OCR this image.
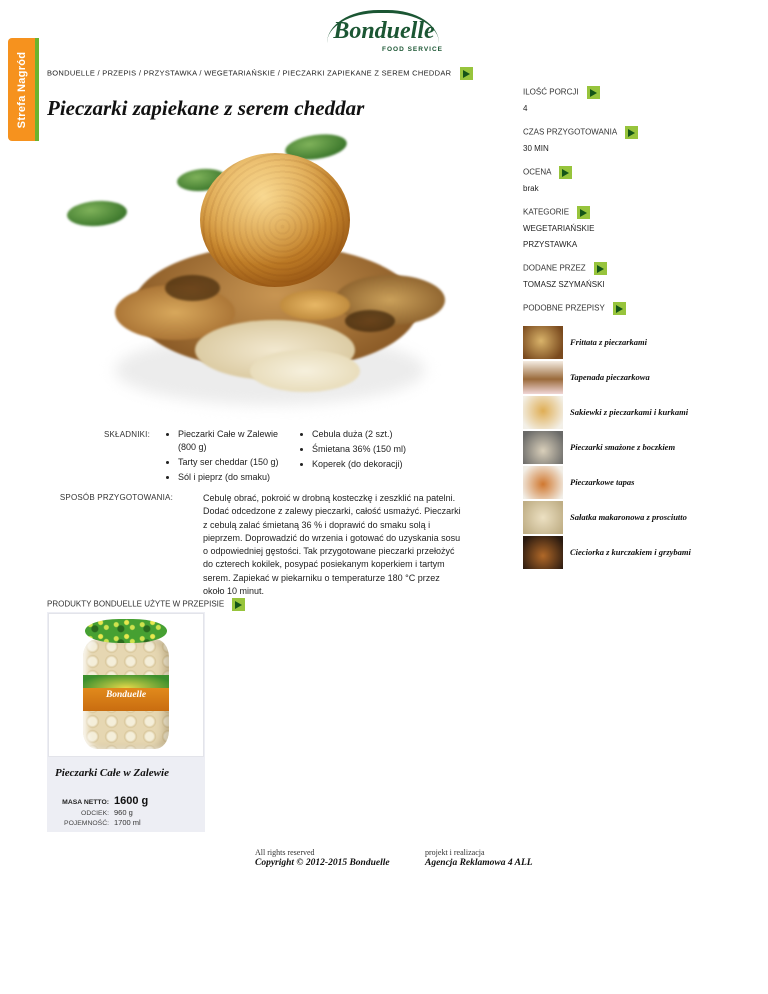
Strefa Nagród
Bonduelle
FOOD SERVICE
BONDUELLE / PRZEPIS / PRZYSTAWKA / WEGETARIAŃSKIE / PIECZARKI ZAPIEKANE Z SEREM CHEDDAR
Pieczarki zapiekane z serem cheddar
SKŁADNIKI:	• Pieczarki Całe w Zalewie (800 g)
• Tarty ser cheddar (150 g)
• Sól i pieprz (do smaku)
• Cebula duża (2 szt.)
• Śmietana 36% (150 ml)
• Koperek (do dekoracji)
SPOSÓB PRZYGOTOWANIA:	Cebulę obrać, pokroić w drobną kosteczkę i zeszklić na patelni. Dodać odcedzone z zalewy pieczarki, całość usmażyć. Pieczarki z cebulą zalać śmietaną 36 % i doprawić do smaku solą i pieprzem. Doprowadzić do wrzenia i gotować do uzyskania sosu o odpowiedniej gęstości. Tak przygotowane pieczarki przełożyć do czterech kokilek, posypać posiekanym koperkiem i tartym serem. Zapiekać w piekarniku o temperaturze 180 °C przez około 10 minut.
PRODUKTY BONDUELLE UŻYTE W PRZEPISIE
Bonduelle
Pieczarki Całe w Zalewie
MASA NETTO: 1600 g
ODCIEK: 960 g
POJEMNOŚĆ: 1700 ml
All rights reserved
Copyright © 2012-2015 Bonduelle
projekt i realizacja
Agencja Reklamowa 4 ALL
ILOŚĆ PORCJI
4
CZAS PRZYGOTOWANIA
30 MIN
OCENA
brak
KATEGORIE
WEGETARIAŃSKIE
PRZYSTAWKA
DODANE PRZEZ
TOMASZ SZYMAŃSKI
PODOBNE PRZEPISY
Frittata z pieczarkami
Tapenada pieczarkowa
Sakiewki z pieczarkami i kurkami
Pieczarki smażone z boczkiem
Pieczarkowe tapas
Sałatka makaronowa z prosciutto
Cieciorka z kurczakiem i grzybami
